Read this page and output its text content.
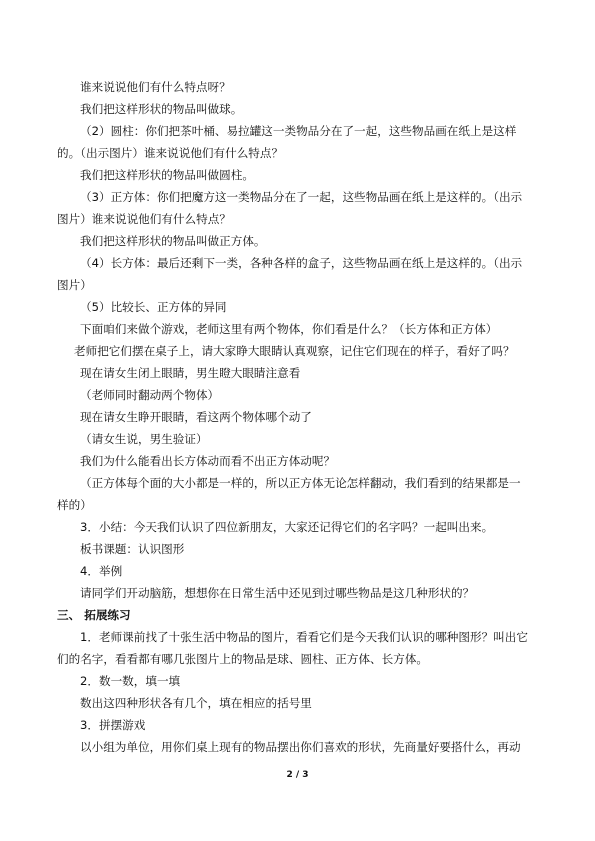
谁来说说他们有什么特点呀？
我们把这样形状的物品叫做球。
（2）圆柱：你们把茶叶桶、易拉罐这一类物品分在了一起，这些物品画在纸上是这样
的。（出示图片）谁来说说他们有什么特点？
我们把这样形状的物品叫做圆柱。
（3）正方体：你们把魔方这一类物品分在了一起，这些物品画在纸上是这样的。（出示
图片）谁来说说他们有什么特点？
我们把这样形状的物品叫做正方体。
（4）长方体：最后还剩下一类，各种各样的盒子，这些物品画在纸上是这样的。（出示
图片）
（5）比较长、正方体的异同
下面咱们来做个游戏，老师这里有两个物体，你们看是什么？（长方体和正方体）
老师把它们摆在桌子上，请大家睁大眼睛认真观察，记住它们现在的样子，看好了吗？
现在请女生闭上眼睛，男生瞪大眼睛注意看
（老师同时翻动两个物体）
现在请女生睁开眼睛，看这两个物体哪个动了
（请女生说，男生验证）
我们为什么能看出长方体动而看不出正方体动呢？
（正方体每个面的大小都是一样的，所以正方体无论怎样翻动，我们看到的结果都是一
样的）
3．小结：今天我们认识了四位新朋友，大家还记得它们的名字吗？一起叫出来。
板书课题：认识图形
4．举例
请同学们开动脑筋，想想你在日常生活中还见到过哪些物品是这几种形状的？
三、 拓展练习
1．老师课前找了十张生活中物品的图片，看看它们是今天我们认识的哪种图形？叫出它
们的名字，看看都有哪几张图片上的物品是球、圆柱、正方体、长方体。
2．数一数，填一填
数出这四种形状各有几个，填在相应的括号里
3．拼摆游戏
以小组为单位，用你们桌上现有的物品摆出你们喜欢的形状，先商量好要搭什么，再动
2 / 3
